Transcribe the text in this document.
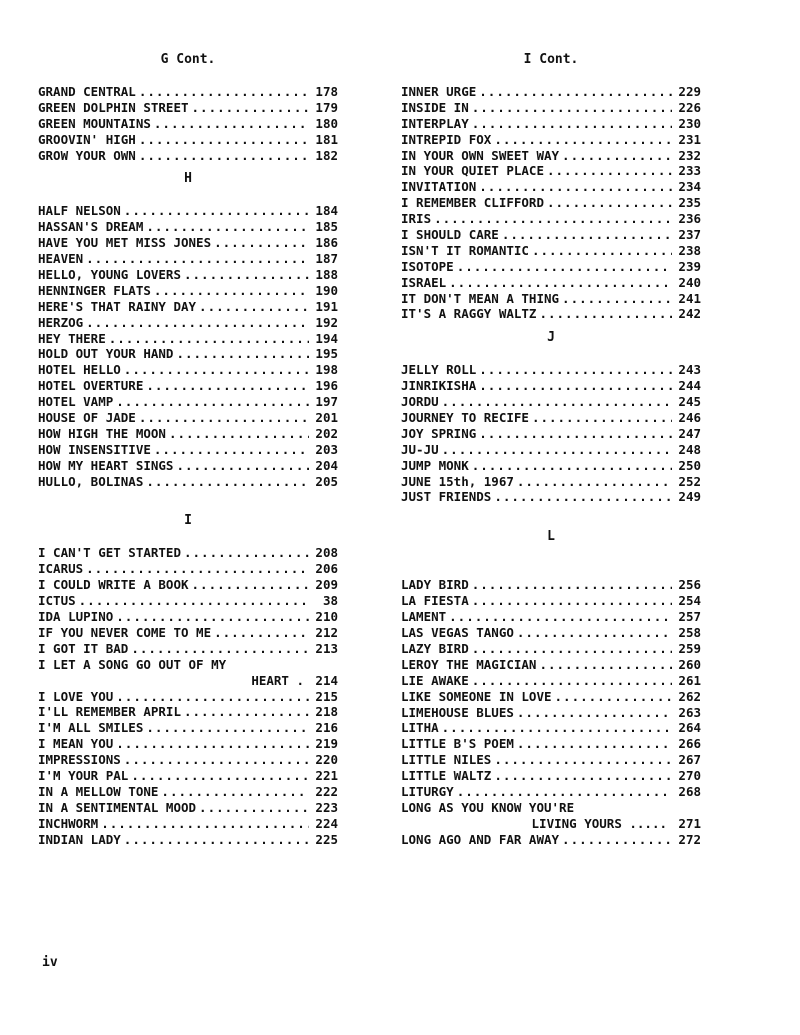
G Cont.
GRAND CENTRAL .....	178
GREEN DOLPHIN STREET .....	179
GREEN MOUNTAINS .....	180
GROOVIN' HIGH .....	181
GROW YOUR OWN .....	182
H
HALF NELSON .....	184
HASSAN'S DREAM .....	185
HAVE YOU MET MISS JONES .....	186
HEAVEN .....	187
HELLO, YOUNG LOVERS .....	188
HENNINGER FLATS .....	190
HERE'S THAT RAINY DAY .....	191
HERZOG .....	192
HEY THERE .....	194
HOLD OUT YOUR HAND .....	195
HOTEL HELLO .....	198
HOTEL OVERTURE .....	196
HOTEL VAMP .....	197
HOUSE OF JADE .....	201
HOW HIGH THE MOON .....	202
HOW INSENSITIVE .....	203
HOW MY HEART SINGS .....	204
HULLO, BOLINAS .....	205
I
I CAN'T GET STARTED .....	208
ICARUS .....	206
I COULD WRITE A BOOK .....	209
ICTUS .....	38
IDA LUPINO .....	210
IF YOU NEVER COME TO ME .....	212
I GOT IT BAD .....	213
I LET A SONG GO OUT OF MY
HEART . 214
I LOVE YOU .....	215
I'LL REMEMBER APRIL .....	218
I'M ALL SMILES .....	216
I MEAN YOU .....	219
IMPRESSIONS .....	220
I'M YOUR PAL .....	221
IN A MELLOW TONE .....	222
IN A SENTIMENTAL MOOD .....	223
INCHWORM .....	224
INDIAN LADY .....	225
I Cont.
INNER URGE .....	229
INSIDE IN .....	226
INTERPLAY .....	230
INTREPID FOX .....	231
IN YOUR OWN SWEET WAY .....	232
IN YOUR QUIET PLACE .....	233
INVITATION .....	234
I REMEMBER CLIFFORD .....	235
IRIS .....	236
I SHOULD CARE .....	237
ISN'T IT ROMANTIC .....	238
ISOTOPE .....	239
ISRAEL .....	240
IT DON'T MEAN A THING .....	241
IT'S A RAGGY WALTZ .....	242
J
JELLY ROLL .....	243
JINRIKISHA .....	244
JORDU .....	245
JOURNEY TO RECIFE .....	246
JOY SPRING .....	247
JU-JU .....	248
JUMP MONK .....	250
JUNE 15th, 1967 .....	252
JUST FRIENDS .....	249
L
LADY BIRD .....	256
LA FIESTA .....	254
LAMENT .....	257
LAS VEGAS TANGO .....	258
LAZY BIRD .....	259
LEROY THE MAGICIAN .....	260
LIE AWAKE .....	261
LIKE SOMEONE IN LOVE .....	262
LIMEHOUSE BLUES .....	263
LITHA .....	264
LITTLE B'S POEM .....	266
LITTLE NILES .....	267
LITTLE WALTZ .....	270
LITURGY .....	268
LONG AS YOU KNOW YOU'RE
LIVING YOURS ..... 271
LONG AGO AND FAR AWAY .....	272
iv
